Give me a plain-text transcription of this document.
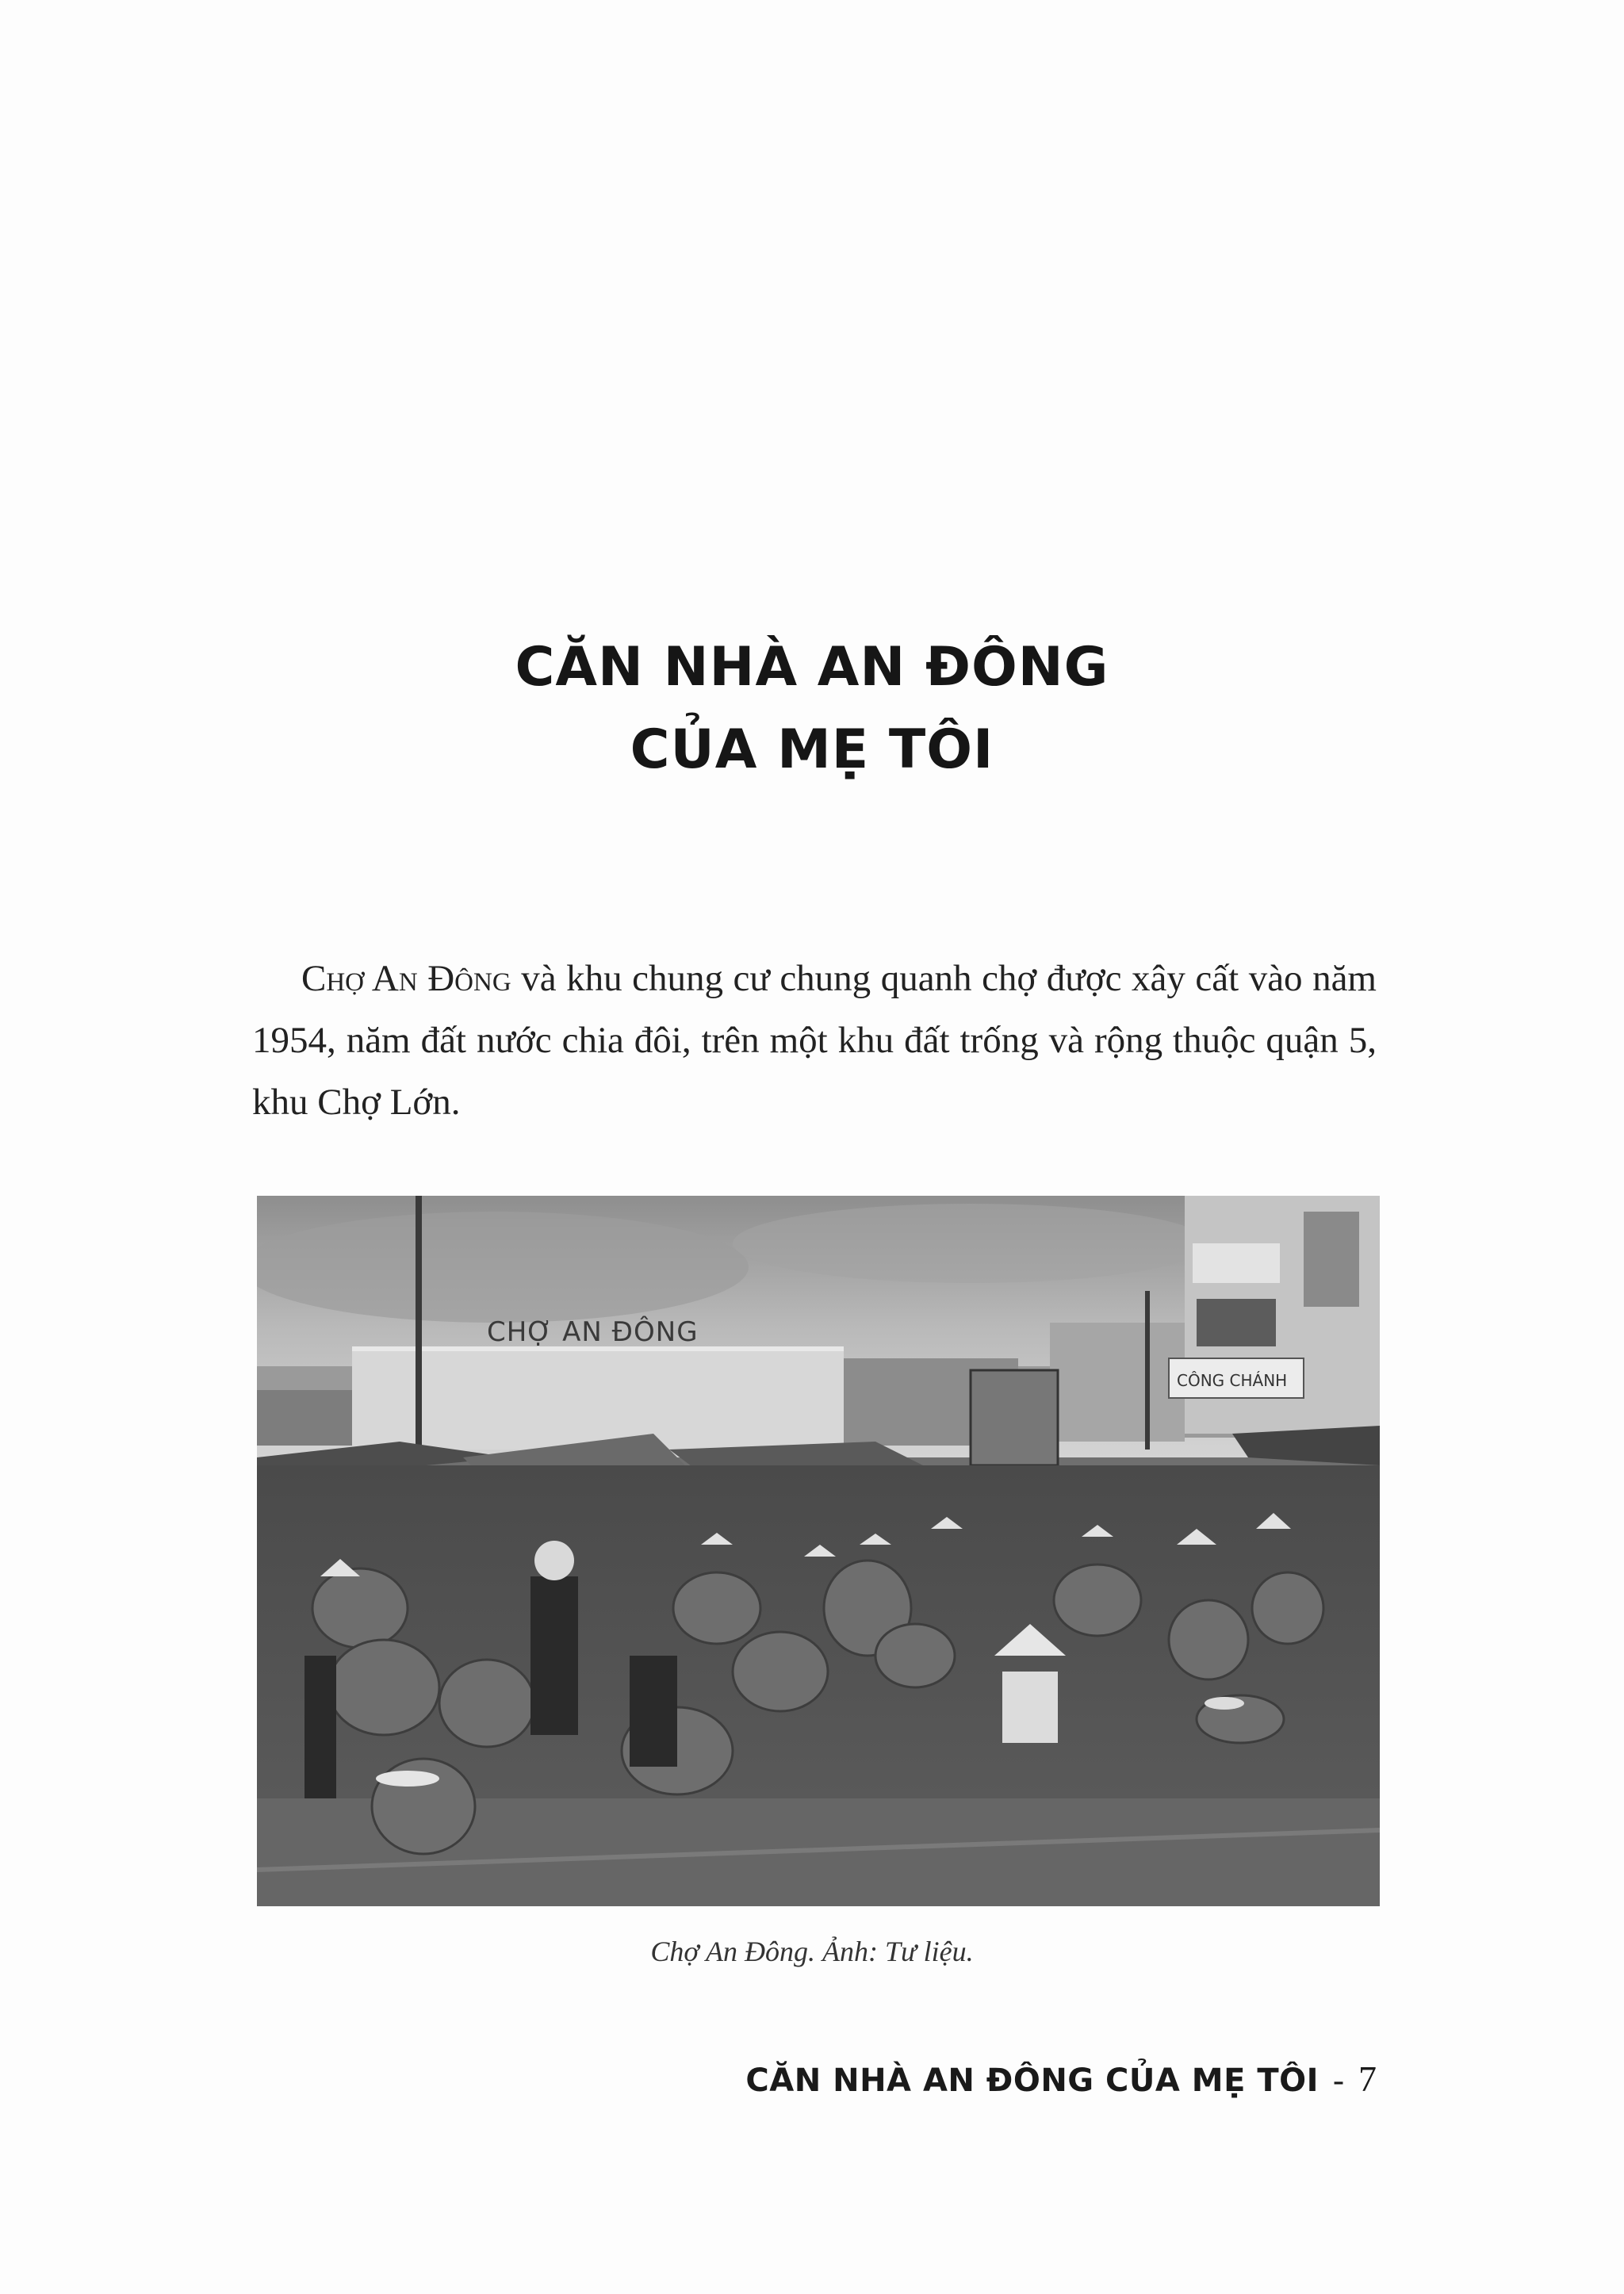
CĂN NHÀ AN ĐÔNG
CỦA MẸ TÔI

Chợ An Đông và khu chung cư chung quanh chợ được xây cất vào năm 1954, năm đất nước chia đôi, trên một khu đất trống và rộng thuộc quận 5, khu Chợ Lớn.

CHỢ AN ĐÔNG
CÔNG CHÁNH

Chợ An Đông. Ảnh: Tư liệu.

CĂN NHÀ AN ĐÔNG CỦA MẸ TÔI - 7
